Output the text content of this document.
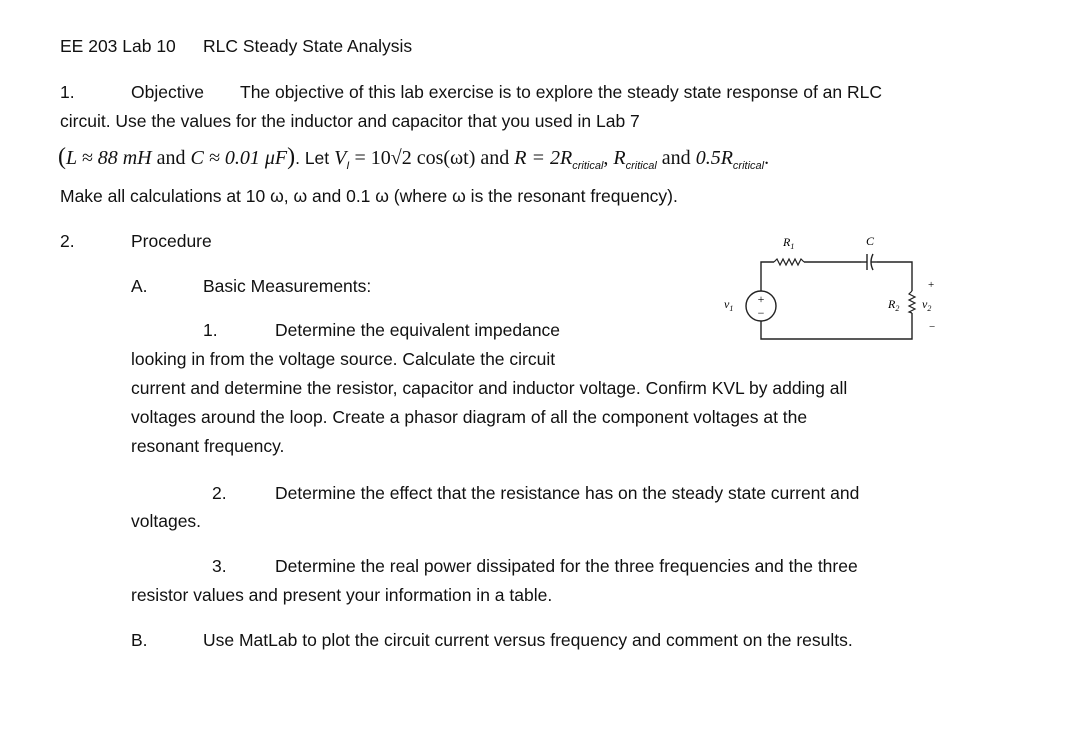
EE 203 Lab 10 RLC Steady State Analysis
1.	Objective The objective of this lab exercise is to explore the steady state response of an RLC
circuit. Use the values for the inductor and capacitor that you used in Lab 7
(L ≈ 88 mH and C ≈ 0.01 μF). Let $V_I = 10√2$ cos(ωt) and $R = 2R_{critical}$, $R_{critical}$ and $0.5R_{critical}$.
Make all calculations at 10 ω, ω and 0.1 ω (where ω is the resonant frequency).
2.	Procedure
A.	Basic Measurements:
1.	Determine the equivalent impedance
looking in from the voltage source. Calculate the circuit
current and determine the resistor, capacitor and inductor voltage. Confirm KVL by adding all
voltages around the loop. Create a phasor diagram of all the component voltages at the
resonant frequency.
2.	Determine the effect that the resistance has on the steady state current and
voltages.
3.	Determine the real power dissipated for the three frequencies and the three
resistor values and present your information in a table.
B.	Use MatLab to plot the circuit current versus frequency and comment on the results.
+
−
$R_1$	C
$R_2$
$v_1$	$v_2$
+
−
